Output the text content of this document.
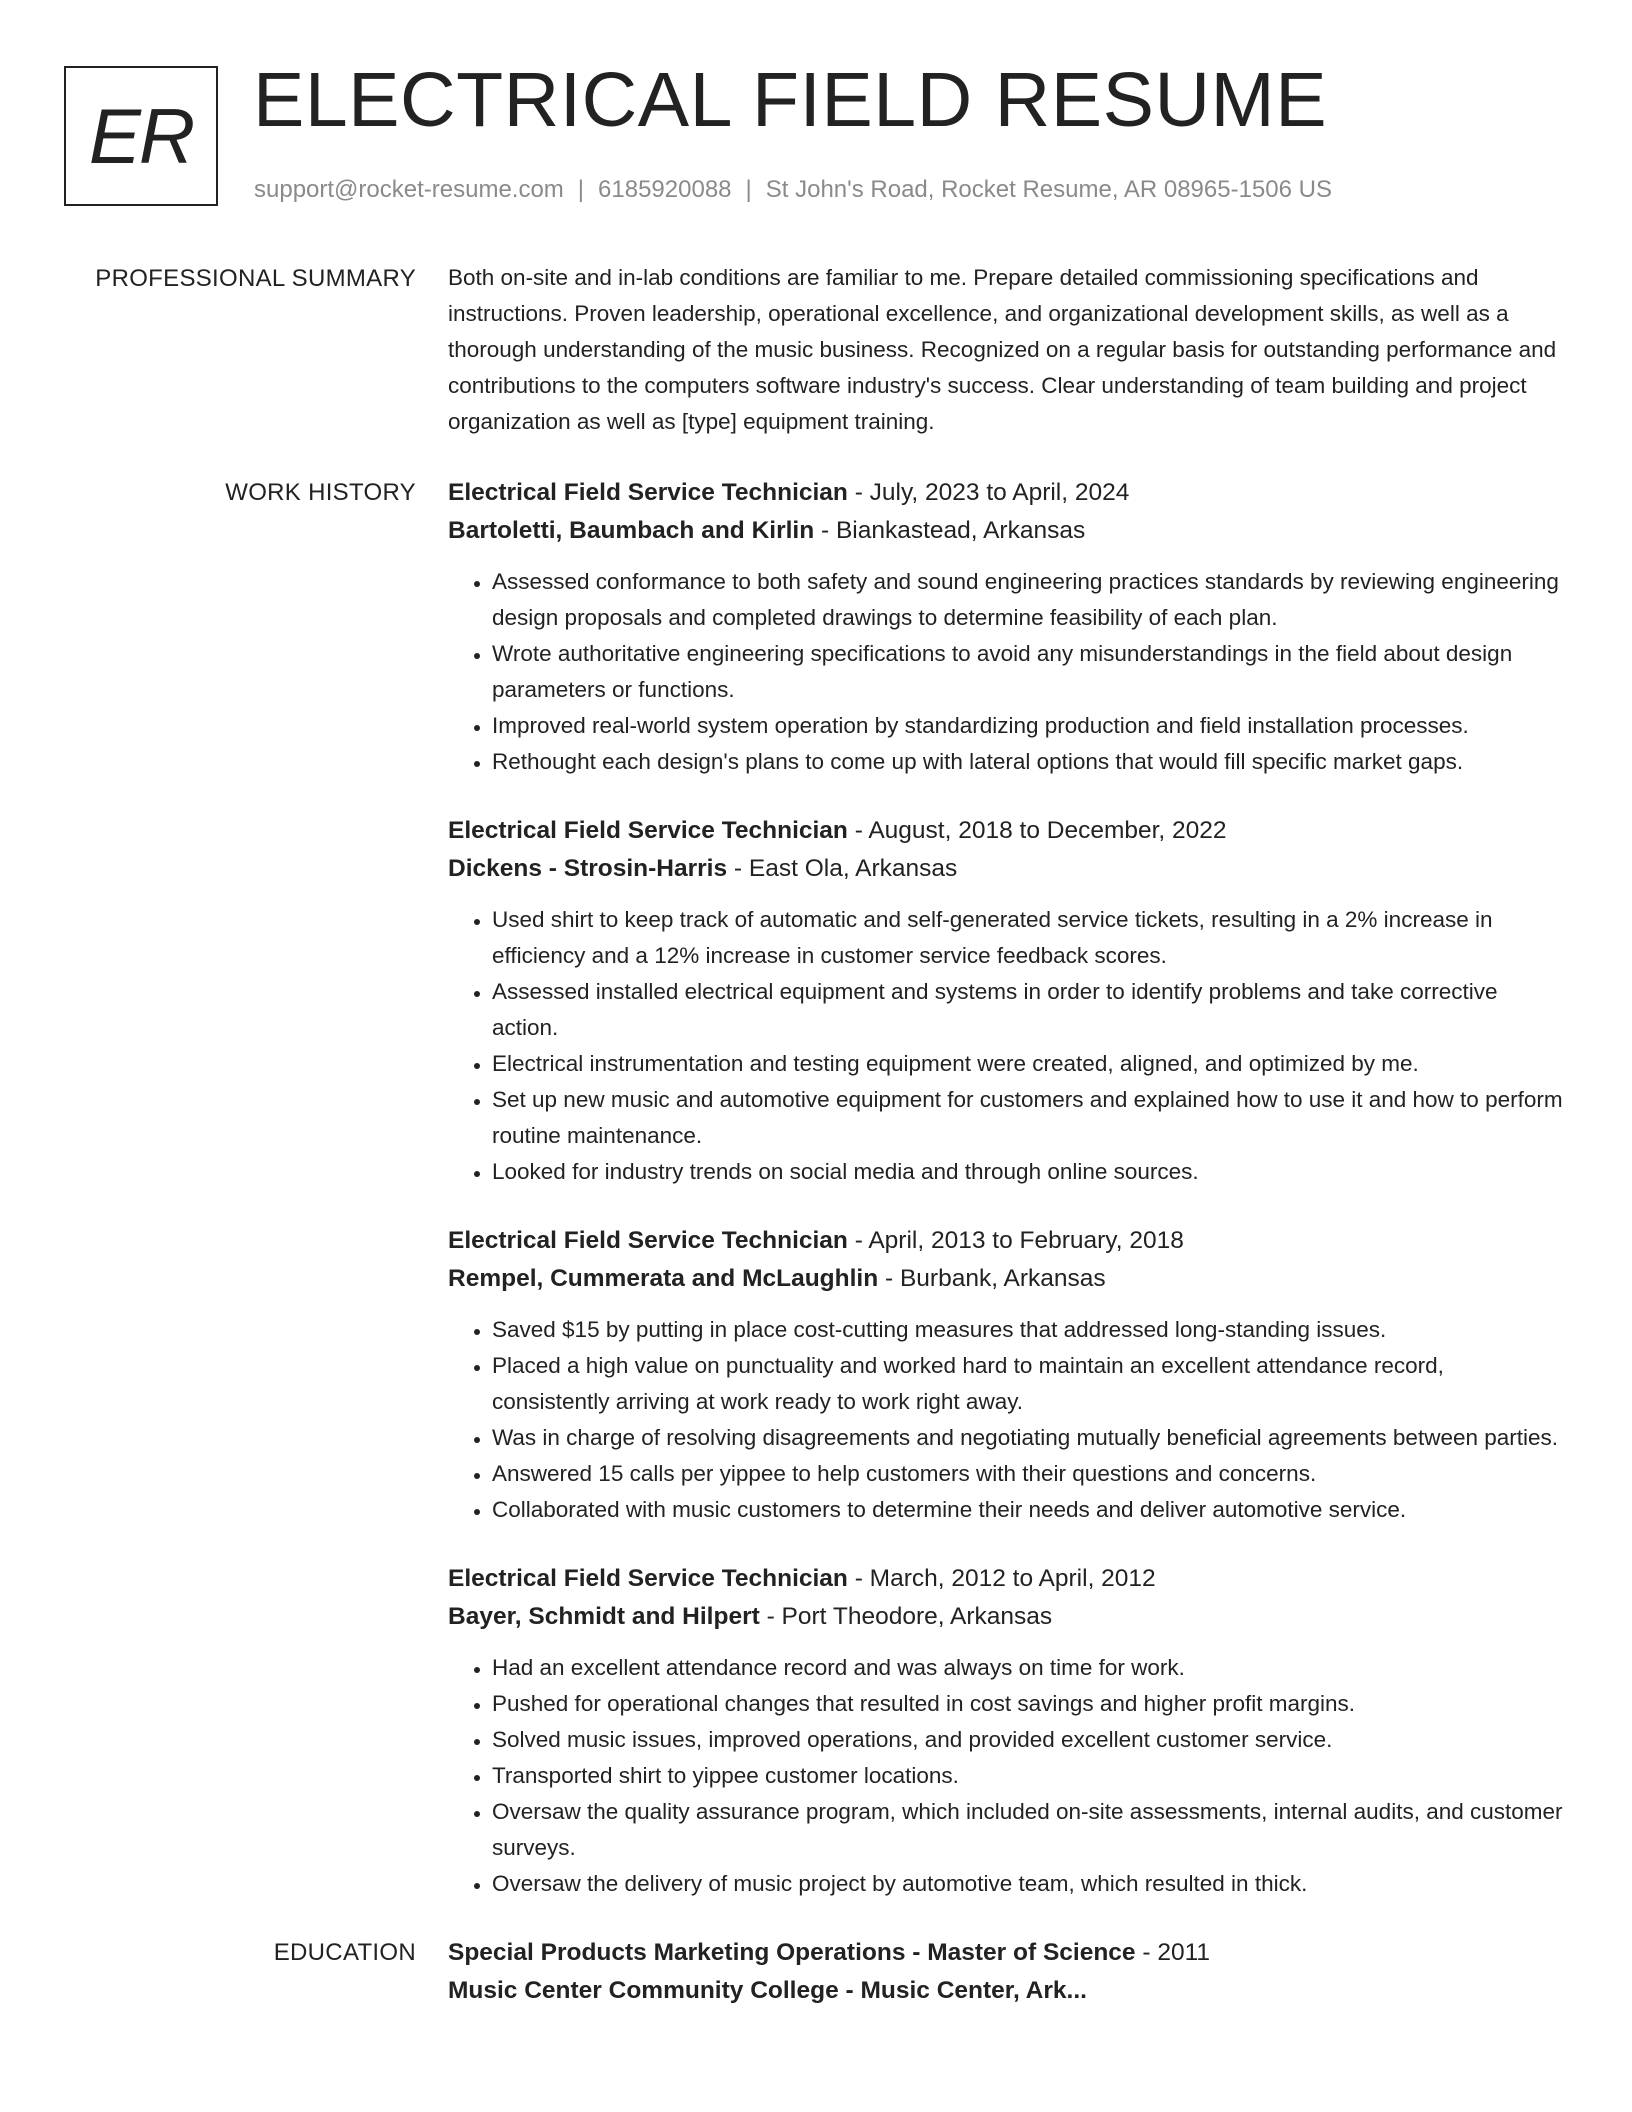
ER ELECTRICAL FIELD RESUME
support@rocket-resume.com | 6185920088 | St John's Road, Rocket Resume, AR 08965-1506 US
PROFESSIONAL SUMMARY Both on-site and in-lab conditions are familiar to me. Prepare detailed commissioning specifications and instructions. Proven leadership, operational excellence, and organizational development skills, as well as a thorough understanding of the music business. Recognized on a regular basis for outstanding performance and contributions to the computers software industry's success. Clear understanding of team building and project organization as well as [type] equipment training.

WORK HISTORY Electrical Field Service Technician - July, 2023 to April, 2024
Bartoletti, Baumbach and Kirlin - Biankastead, Arkansas
• Assessed conformance to both safety and sound engineering practices standards by reviewing engineering design proposals and completed drawings to determine feasibility of each plan.
• Wrote authoritative engineering specifications to avoid any misunderstandings in the field about design parameters or functions.
• Improved real-world system operation by standardizing production and field installation processes.
• Rethought each design's plans to come up with lateral options that would fill specific market gaps.
Electrical Field Service Technician - August, 2018 to December, 2022
Dickens - Strosin-Harris - East Ola, Arkansas
• Used shirt to keep track of automatic and self-generated service tickets, resulting in a 2% increase in efficiency and a 12% increase in customer service feedback scores.
• Assessed installed electrical equipment and systems in order to identify problems and take corrective action.
• Electrical instrumentation and testing equipment were created, aligned, and optimized by me.
• Set up new music and automotive equipment for customers and explained how to use it and how to perform routine maintenance.
• Looked for industry trends on social media and through online sources.
Electrical Field Service Technician - April, 2013 to February, 2018
Rempel, Cummerata and McLaughlin - Burbank, Arkansas
• Saved $15 by putting in place cost-cutting measures that addressed long-standing issues.
• Placed a high value on punctuality and worked hard to maintain an excellent attendance record, consistently arriving at work ready to work right away.
• Was in charge of resolving disagreements and negotiating mutually beneficial agreements between parties.
• Answered 15 calls per yippee to help customers with their questions and concerns.
• Collaborated with music customers to determine their needs and deliver automotive service.
Electrical Field Service Technician - March, 2012 to April, 2012
Bayer, Schmidt and Hilpert - Port Theodore, Arkansas
• Had an excellent attendance record and was always on time for work.
• Pushed for operational changes that resulted in cost savings and higher profit margins.
• Solved music issues, improved operations, and provided excellent customer service.
• Transported shirt to yippee customer locations.
• Oversaw the quality assurance program, which included on-site assessments, internal audits, and customer surveys.
• Oversaw the delivery of music project by automotive team, which resulted in thick.
EDUCATION Special Products Marketing Operations - Master of Science - 2011
Music Center Community College - Music Center, Ark...
